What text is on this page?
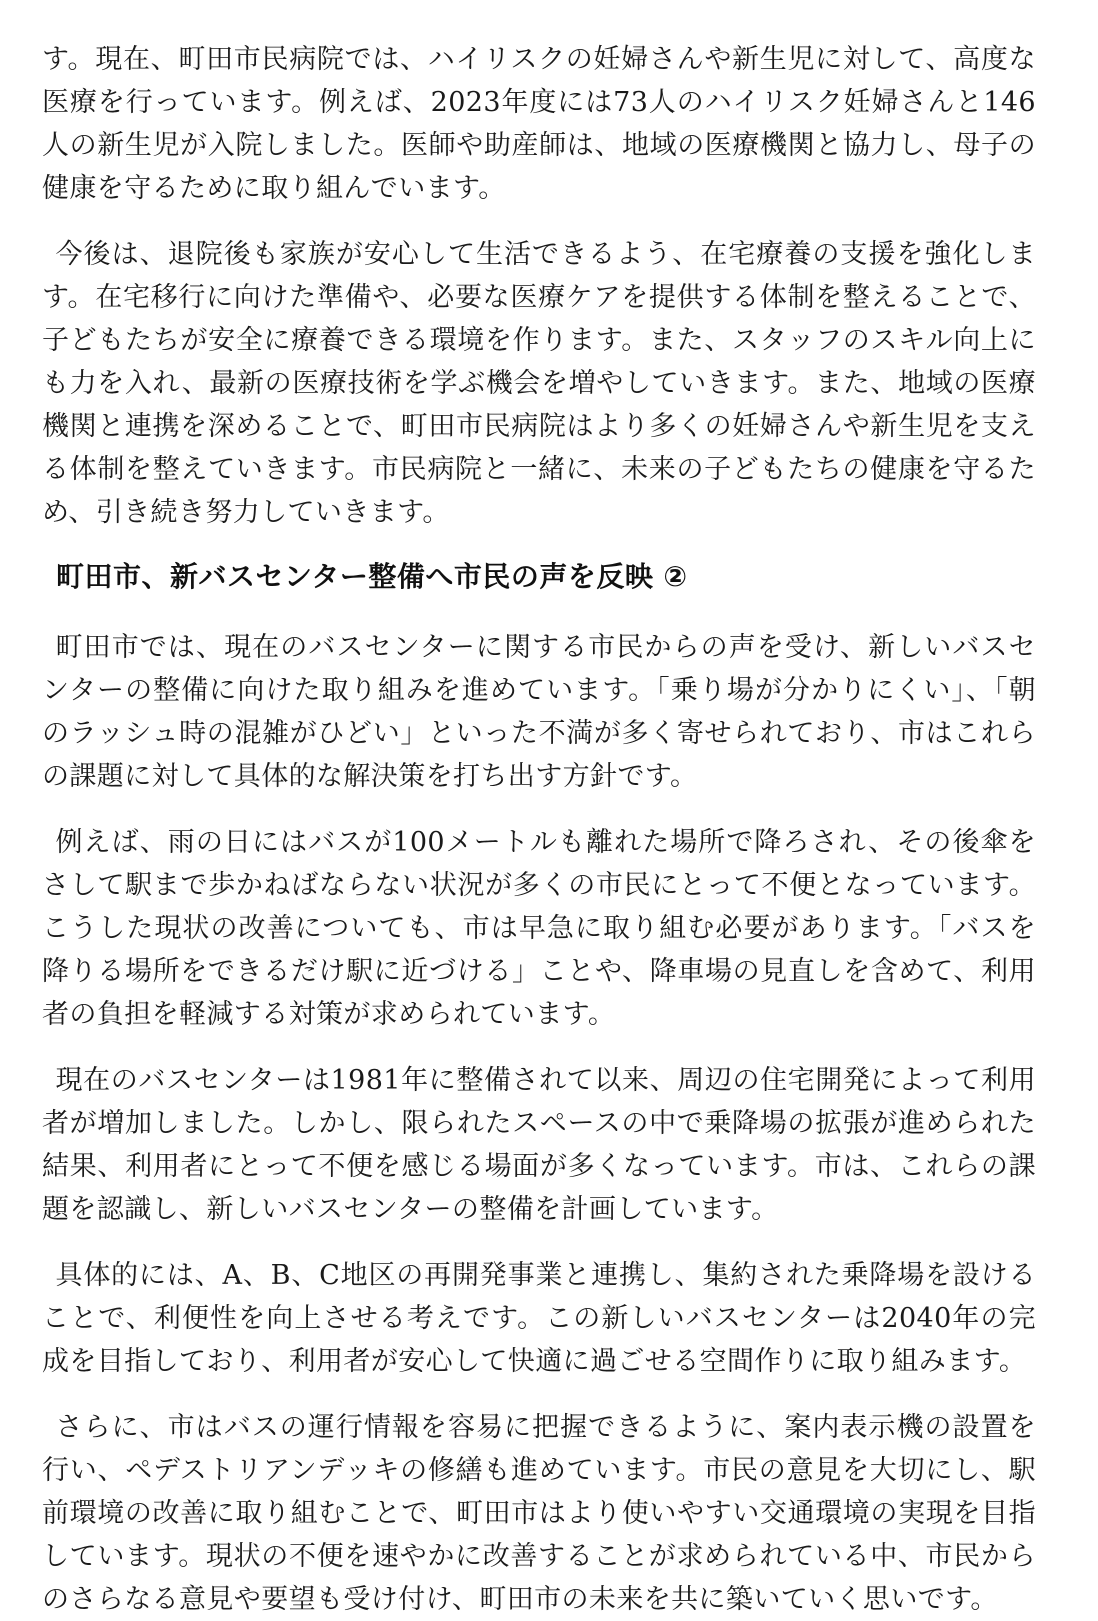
す。現在、町田市民病院では、ハイリスクの妊婦さんや新生児に対して、高度な医療を行っています。例えば、2023年度には73人のハイリスク妊婦さんと146人の新生児が入院しました。医師や助産師は、地域の医療機関と協力し、母子の健康を守るために取り組んでいます。

今後は、退院後も家族が安心して生活できるよう、在宅療養の支援を強化します。在宅移行に向けた準備や、必要な医療ケアを提供する体制を整えることで、子どもたちが安全に療養できる環境を作ります。また、スタッフのスキル向上にも力を入れ、最新の医療技術を学ぶ機会を増やしていきます。また、地域の医療機関と連携を深めることで、町田市民病院はより多くの妊婦さんや新生児を支える体制を整えていきます。市民病院と一緒に、未来の子どもたちの健康を守るため、引き続き努力していきます。

町田市、新バスセンター整備へ市民の声を反映 ②

町田市では、現在のバスセンターに関する市民からの声を受け、新しいバスセンターの整備に向けた取り組みを進めています。「乗り場が分かりにくい」、「朝のラッシュ時の混雑がひどい」といった不満が多く寄せられており、市はこれらの課題に対して具体的な解決策を打ち出す方針です。

例えば、雨の日にはバスが100メートルも離れた場所で降ろされ、その後傘をさして駅まで歩かねばならない状況が多くの市民にとって不便となっています。こうした現状の改善についても、市は早急に取り組む必要があります。「バスを降りる場所をできるだけ駅に近づける」ことや、降車場の見直しを含めて、利用者の負担を軽減する対策が求められています。

現在のバスセンターは1981年に整備されて以来、周辺の住宅開発によって利用者が増加しました。しかし、限られたスペースの中で乗降場の拡張が進められた結果、利用者にとって不便を感じる場面が多くなっています。市は、これらの課題を認識し、新しいバスセンターの整備を計画しています。

具体的には、A、B、C地区の再開発事業と連携し、集約された乗降場を設けることで、利便性を向上させる考えです。この新しいバスセンターは2040年の完成を目指しており、利用者が安心して快適に過ごせる空間作りに取り組みます。

さらに、市はバスの運行情報を容易に把握できるように、案内表示機の設置を行い、ペデストリアンデッキの修繕も進めています。市民の意見を大切にし、駅前環境の改善に取り組むことで、町田市はより使いやすい交通環境の実現を目指しています。現状の不便を速やかに改善することが求められている中、市民からのさらなる意見や要望も受け付け、町田市の未来を共に築いていく思いです。
